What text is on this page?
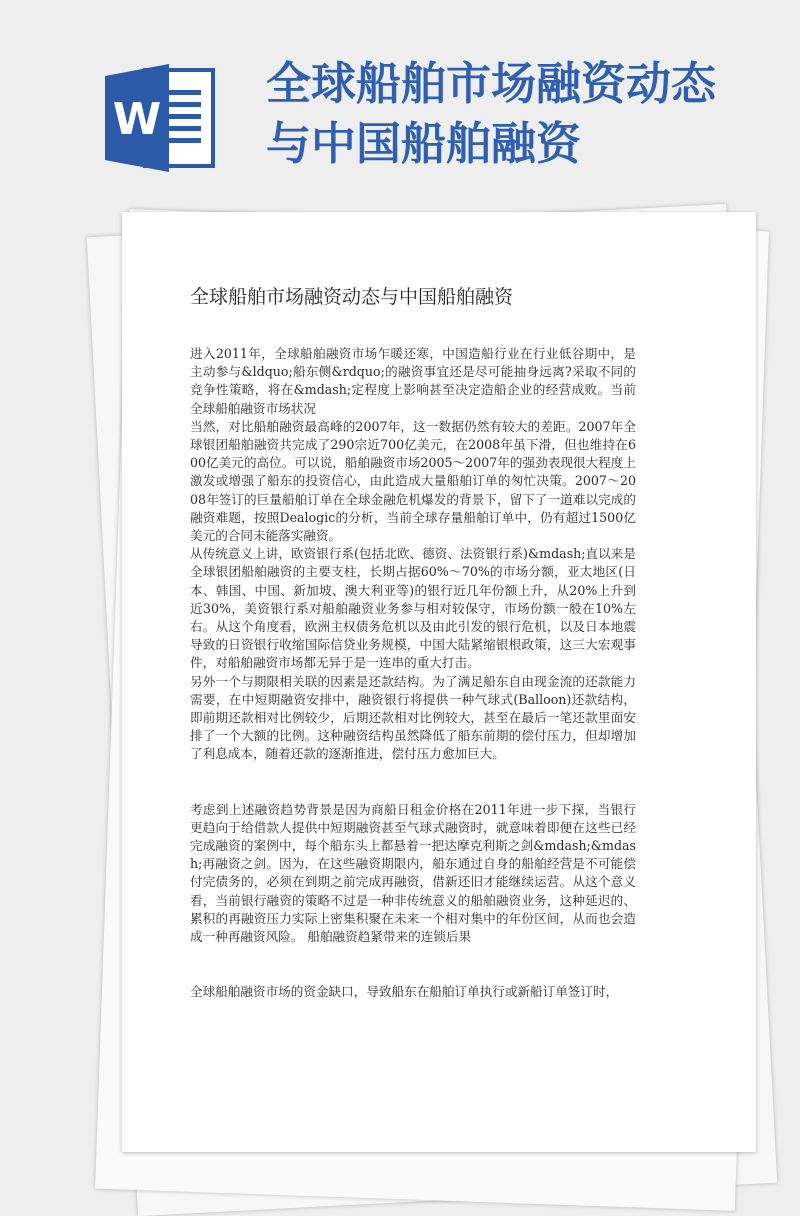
W
全球船舶市场融资动态
与中国船舶融资
全球船舶市场融资动态与中国船舶融资

进入2011年，全球船舶融资市场乍暖还寒，中国造船行业在行业低谷期中，是主动参与&ldquo;船东侧&rdquo;的融资事宜还是尽可能抽身远离?采取不同的竞争性策略，将在&mdash;定程度上影响甚至决定造船企业的经营成败。当前全球船舶融资市场状况

当然，对比船舶融资最高峰的2007年，这一数据仍然有较大的差距。2007年全球银团船舶融资共完成了290宗近700亿美元，在2008年虽下滑，但也维持在600亿美元的高位。可以说，船舶融资市场2005～2007年的强劲表现很大程度上激发或增强了船东的投资信心，由此造成大量船舶订单的匆忙决策。2007～2008年签订的巨量船舶订单在全球金融危机爆发的背景下，留下了一道难以完成的融资难题，按照Dealogic的分析，当前全球存量船舶订单中，仍有超过1500亿美元的合同未能落实融资。

从传统意义上讲，欧资银行系(包括北欧、德资、法资银行系)&mdash;直以来是全球银团船舶融资的主要支柱，长期占据60%～70%的市场分额，亚太地区(日本、韩国、中国、新加坡、澳大利亚等)的银行近几年份额上升，从20%上升到近30%，美资银行系对船舶融资业务参与相对较保守，市场份额一般在10%左右。从这个角度看，欧洲主权债务危机以及由此引发的银行危机，以及日本地震导致的日资银行收缩国际信贷业务规模，中国大陆紧缩银根政策，这三大宏观事件，对船舶融资市场都无异于是一连串的重大打击。

另外一个与期限相关联的因素是还款结构。为了满足船东自由现金流的还款能力需要，在中短期融资安排中，融资银行将提供一种气球式(Balloon)还款结构，即前期还款相对比例较少，后期还款相对比例较大，甚至在最后一笔还款里面安排了一个大额的比例。这种融资结构虽然降低了船东前期的偿付压力，但却增加了利息成本，随着还款的逐渐推进，偿付压力愈加巨大。

考虑到上述融资趋势背景是因为商船日租金价格在2011年进一步下探，当银行更趋向于给借款人提供中短期融资甚至气球式融资时，就意味着即便在这些已经完成融资的案例中，每个船东头上都悬着一把达摩克利斯之剑&mdash;&mdash;再融资之剑。因为，在这些融资期限内，船东通过自身的船舶经营是不可能偿付完债务的，必须在到期之前完成再融资，借新还旧才能继续运营。从这个意义看，当前银行融资的策略不过是一种非传统意义的船舶融资业务，这种延迟的、累积的再融资压力实际上密集积聚在未来一个相对集中的年份区间，从而也会造成一种再融资风险。 船舶融资趋紧带来的连锁后果

全球船舶融资市场的资金缺口，导致船东在船舶订单执行或新船订单签订时，
